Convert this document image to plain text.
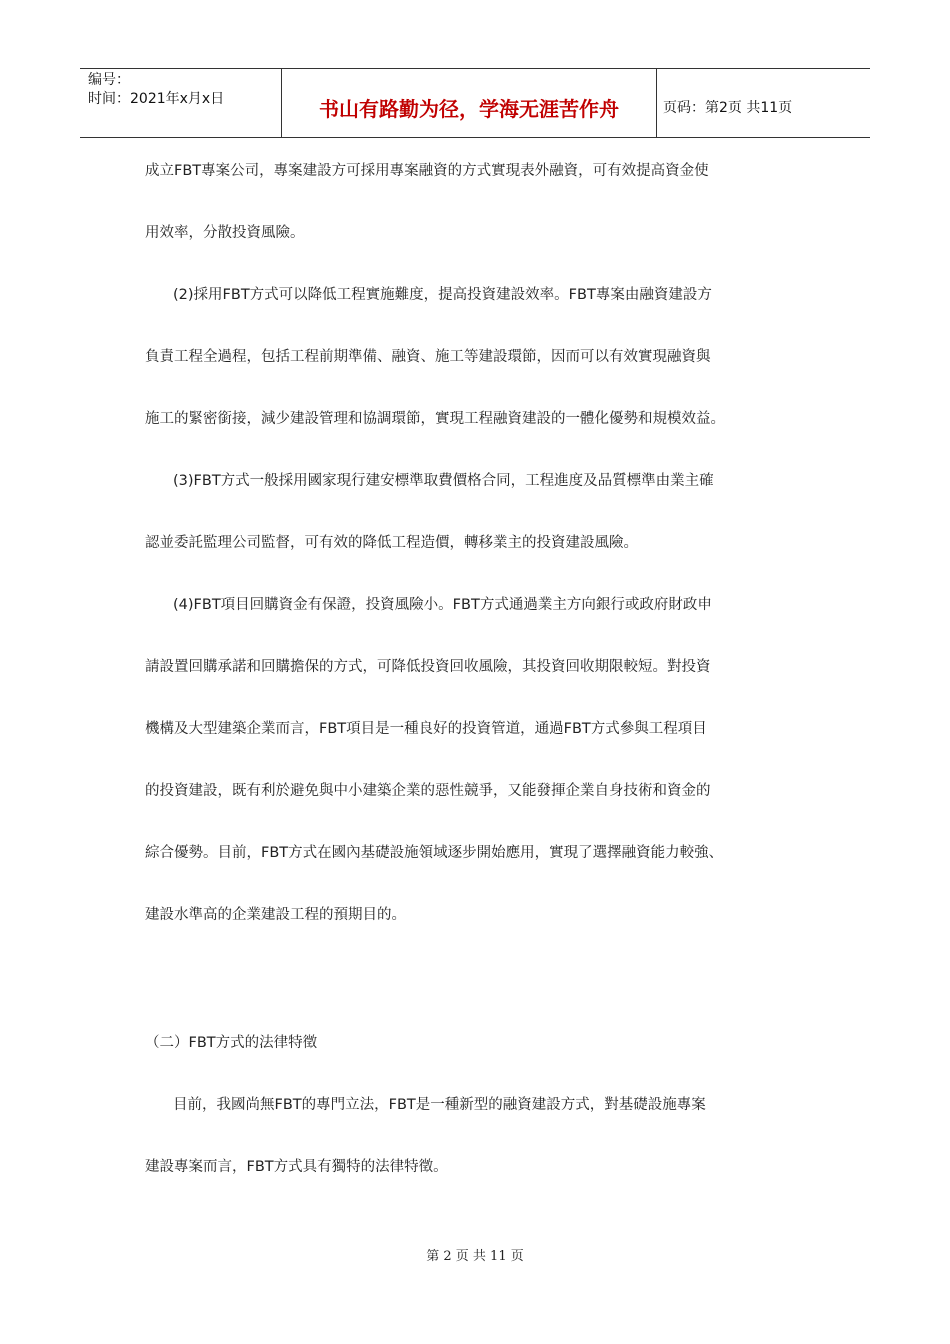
编号：
时间：2021年x月x日	书山有路勤为径，学海无涯苦作舟	页码：第2页 共11页
成立FBT專案公司，專案建設方可採用專案融資的方式實現表外融資，可有效提高資金使
用效率，分散投資風險。
(2)採用FBT方式可以降低工程實施難度，提高投資建設效率。FBT專案由融資建設方
負責工程全過程，包括工程前期準備、融資、施工等建設環節，因而可以有效實現融資與
施工的緊密銜接，減少建設管理和協調環節，實現工程融資建設的一體化優勢和規模效益。
(3)FBT方式一般採用國家現行建安標準取費價格合同，工程進度及品質標準由業主確
認並委託監理公司監督，可有效的降低工程造價，轉移業主的投資建設風險。
(4)FBT項目回購資金有保證，投資風險小。FBT方式通過業主方向銀行或政府財政申
請設置回購承諾和回購擔保的方式，可降低投資回收風險，其投資回收期限較短。對投資
機構及大型建築企業而言，FBT項目是一種良好的投資管道，通過FBT方式參與工程項目
的投資建設，既有利於避免與中小建築企業的惡性競爭，又能發揮企業自身技術和資金的
綜合優勢。目前，FBT方式在國內基礎設施領域逐步開始應用，實現了選擇融資能力較強、
建設水準高的企業建設工程的預期目的。
（二）FBT方式的法律特徵
目前，我國尚無FBT的專門立法，FBT是一種新型的融資建設方式，對基礎設施專案
建設專案而言，FBT方式具有獨特的法律特徵。
第 2 页 共 11 页
